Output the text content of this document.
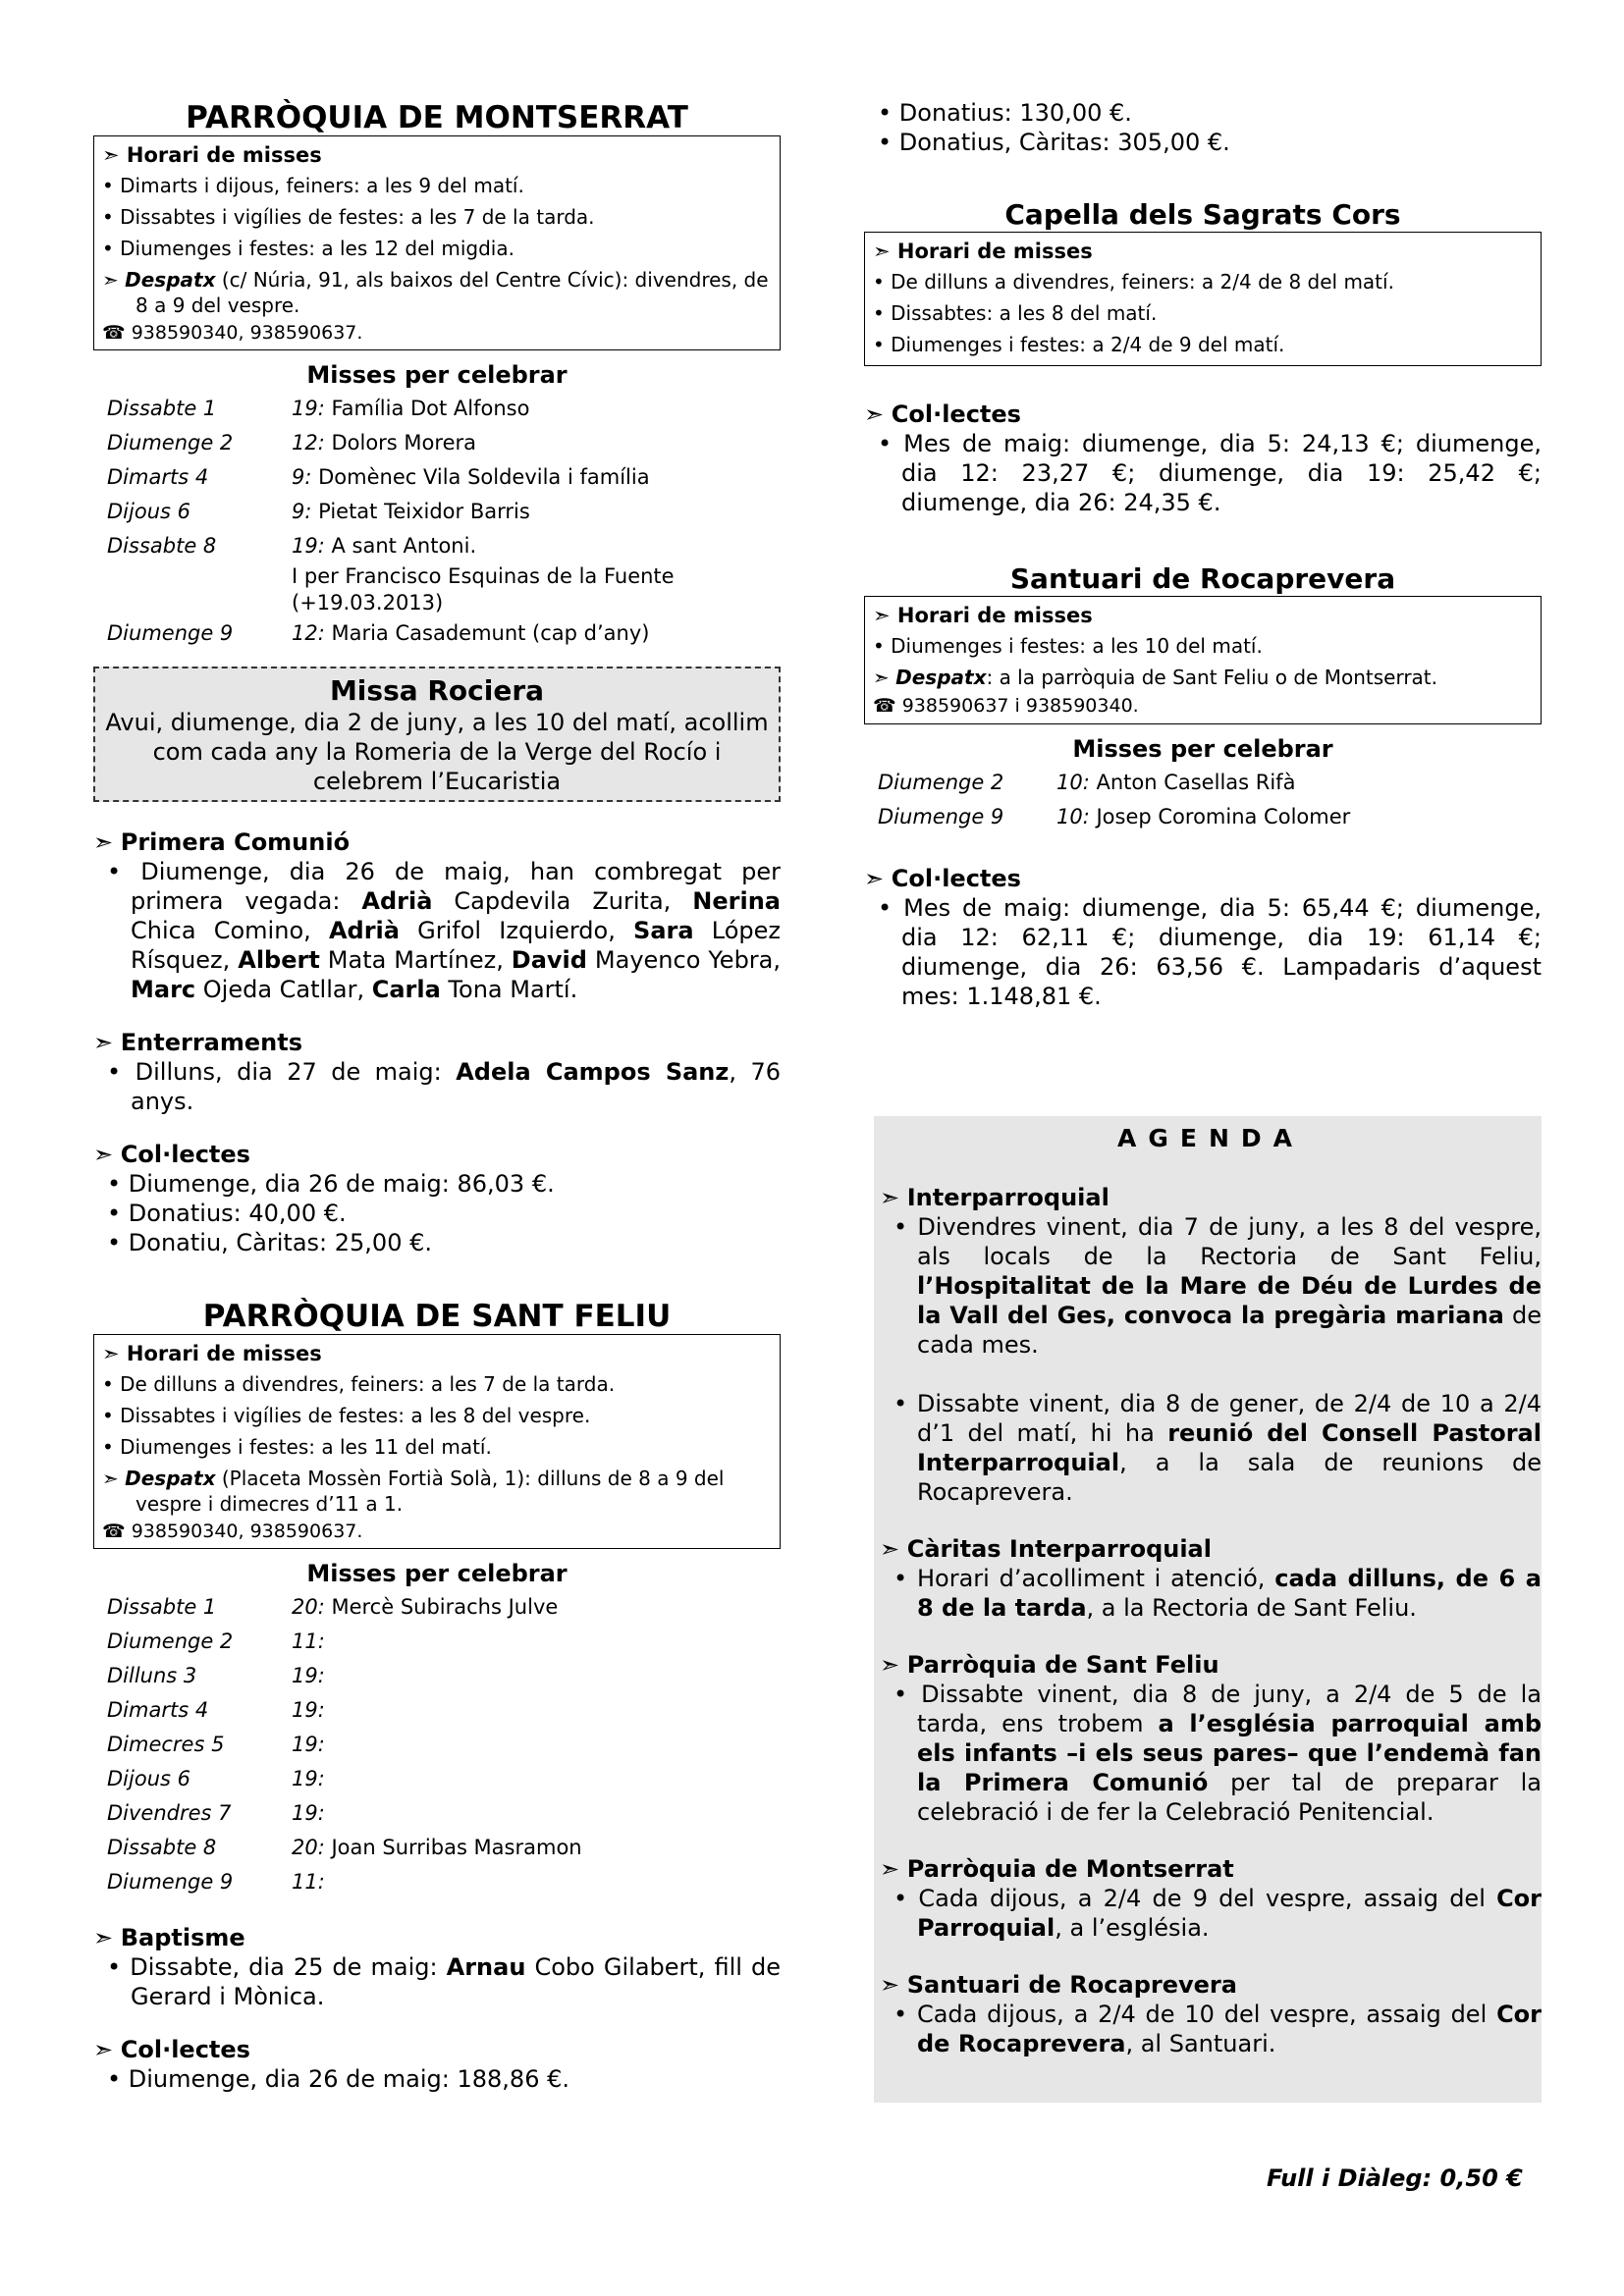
PARRÒQUIA DE MONTSERRAT
➣ Horari de misses
• Dimarts i dijous, feiners: a les 9 del matí.
• Dissabtes i vigílies de festes: a les 7 de la tarda.
• Diumenges i festes: a les 12 del migdia.
➣ Despatx (c/ Núria, 91, als baixos del Centre Cívic): divendres, de 8 a 9 del vespre.
☎ 938590340, 938590637.
Misses per celebrar
Dissabte 1	19: Família Dot Alfonso
Diumenge 2	12: Dolors Morera
Dimarts 4	9: Domènec Vila Soldevila i família
Dijous 6	9: Pietat Teixidor Barris
Dissabte 8	19: A sant Antoni.
I per Francisco Esquinas de la Fuente
(+19.03.2013)

Diumenge 9	12: Maria Casademunt (cap d’any)
Missa Rociera
Avui, diumenge, dia 2 de juny, a les 10 del matí, acollim com cada any la Romeria de la Verge del Rocío i celebrem l’Eucaristia
➣ Primera Comunió
• Diumenge, dia 26 de maig, han combregat per primera vegada: Adrià Capdevila Zurita, Nerina Chica Comino, Adrià Grifol Izquierdo, Sara López Rísquez, Albert Mata Martínez, David Mayenco Yebra, Marc Ojeda Catllar, Carla Tona Martí.
➣ Enterraments
• Dilluns, dia 27 de maig: Adela Campos Sanz, 76 anys.
➣ Col·lectes
• Diumenge, dia 26 de maig: 86,03 €.
• Donatius: 40,00 €.
• Donatiu, Càritas: 25,00 €.
PARRÒQUIA DE SANT FELIU
➣ Horari de misses
• De dilluns a divendres, feiners: a les 7 de la tarda.
• Dissabtes i vigílies de festes: a les 8 del vespre.
• Diumenges i festes: a les 11 del matí.
➣ Despatx (Placeta Mossèn Fortià Solà, 1): dilluns de 8 a 9 del vespre i dimecres d’11 a 1.
☎ 938590340, 938590637.
Misses per celebrar
Dissabte 1	20: Mercè Subirachs Julve
Diumenge 2	11:
Dilluns 3	19:
Dimarts 4	19:
Dimecres 5	19:
Dijous 6	19:
Divendres 7	19:
Dissabte 8	20: Joan Surribas Masramon
Diumenge 9	11:
➣ Baptisme
• Dissabte, dia 25 de maig: Arnau Cobo Gilabert, fill de Gerard i Mònica.
➣ Col·lectes
• Diumenge, dia 26 de maig: 188,86 €.
• Donatius: 130,00 €.
• Donatius, Càritas: 305,00 €.
Capella dels Sagrats Cors
➣ Horari de misses
• De dilluns a divendres, feiners: a 2/4 de 8 del matí.
• Dissabtes: a les 8 del matí.
• Diumenges i festes: a 2/4 de 9 del matí.
➣ Col·lectes
• Mes de maig: diumenge, dia 5: 24,13 €; diumenge, dia 12: 23,27 €; diumenge, dia 19: 25,42 €; diumenge, dia 26: 24,35 €.
Santuari de Rocaprevera
➣ Horari de misses
• Diumenges i festes: a les 10 del matí.
➣ Despatx: a la parròquia de Sant Feliu o de Montserrat.
☎ 938590637 i 938590340.
Misses per celebrar
Diumenge 2	10: Anton Casellas Rifà
Diumenge 9	10: Josep Coromina Colomer
➣ Col·lectes
• Mes de maig: diumenge, dia 5: 65,44 €; diumenge, dia 12: 62,11 €; diumenge, dia 19: 61,14 €; diumenge, dia 26: 63,56 €. Lampadaris d’aquest mes: 1.148,81 €.
AGENDA
➣ Interparroquial
• Divendres vinent, dia 7 de juny, a les 8 del vespre, als locals de la Rectoria de Sant Feliu, l’Hospitalitat de la Mare de Déu de Lurdes de la Vall del Ges, convoca la pregària mariana de cada mes.
• Dissabte vinent, dia 8 de gener, de 2/4 de 10 a 2/4 d’1 del matí, hi ha reunió del Consell Pastoral Interparroquial, a la sala de reunions de Rocaprevera.
➣ Càritas Interparroquial
• Horari d’acolliment i atenció, cada dilluns, de 6 a 8 de la tarda, a la Rectoria de Sant Feliu.
➣ Parròquia de Sant Feliu
• Dissabte vinent, dia 8 de juny, a 2/4 de 5 de la tarda, ens trobem a l’església parroquial amb els infants –i els seus pares– que l’endemà fan la Primera Comunió per tal de preparar la celebració i de fer la Celebració Penitencial.
➣ Parròquia de Montserrat
• Cada dijous, a 2/4 de 9 del vespre, assaig del Cor Parroquial, a l’església.
➣ Santuari de Rocaprevera
• Cada dijous, a 2/4 de 10 del vespre, assaig del Cor de Rocaprevera, al Santuari.
Full i Diàleg: 0,50 €
